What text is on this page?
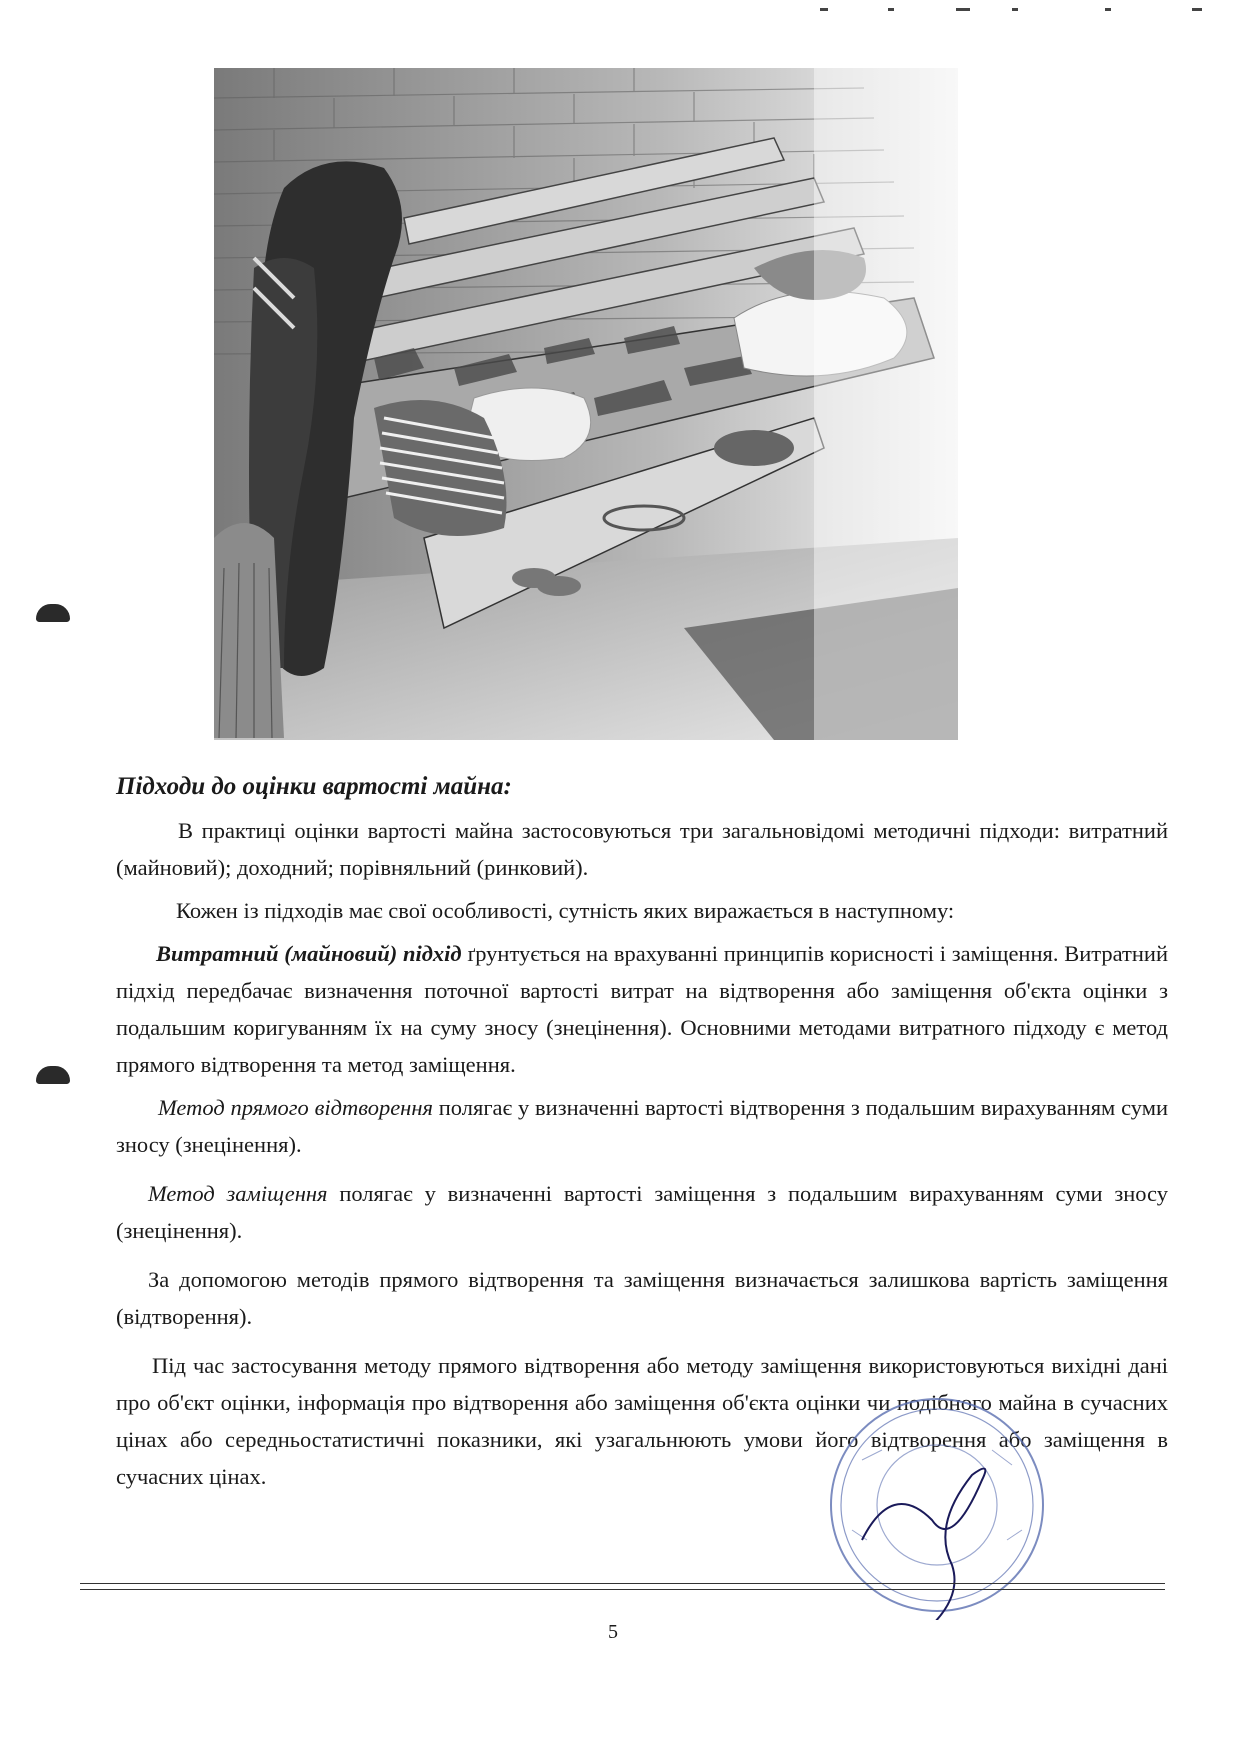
Підходи до оцінки вартості майна:

В практиці оцінки вартості майна застосовуються три загальновідомі методичні підходи: витратний (майновий); доходний; порівняльний (ринковий).

Кожен із підходів має свої особливості, сутність яких виражається в наступному:

Витратний (майновий) підхід ґрунтується на врахуванні принципів корисності і заміщення. Витратний підхід передбачає визначення поточної вартості витрат на відтворення або заміщення об'єкта оцінки з подальшим коригуванням їх на суму зносу (знецінення). Основними методами витратного підходу є метод прямого відтворення та метод заміщення.

Метод прямого відтворення полягає у визначенні вартості відтворення з подальшим вирахуванням суми зносу (знецінення).

Метод заміщення полягає у визначенні вартості заміщення з подальшим вирахуванням суми зносу (знецінення).

За допомогою методів прямого відтворення та заміщення визначається залишкова вартість заміщення (відтворення).

Під час застосування методу прямого відтворення або методу заміщення використовуються вихідні дані про об'єкт оцінки, інформація про відтворення або заміщення об'єкта оцінки чи подібного майна в сучасних цінах або середньостатистичні показники, які узагальнюють умови його відтворення або заміщення в сучасних цінах.

5
